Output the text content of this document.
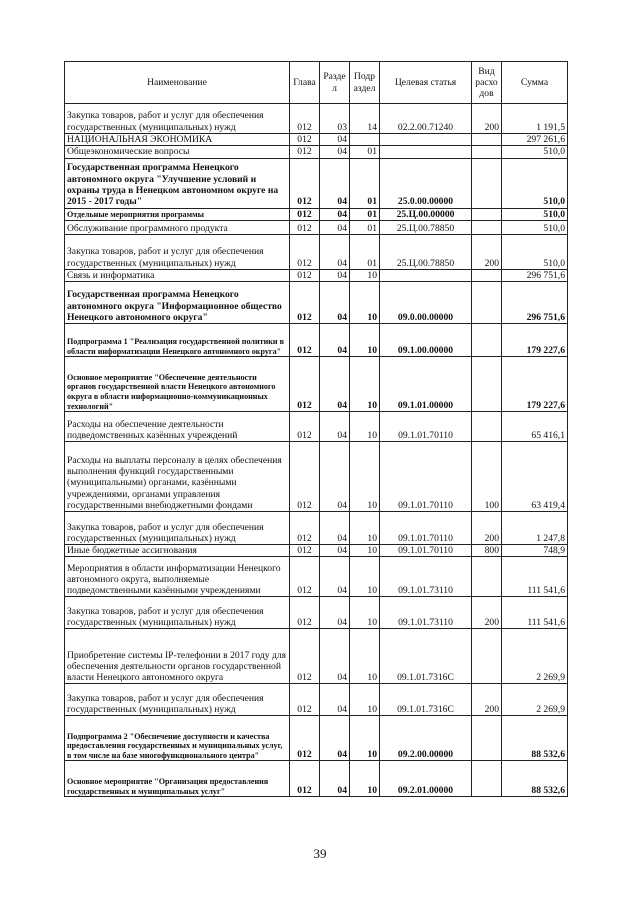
Наименование	Глава	Разде л	Подр аздел	Целевая статья	Вид расхо дов	Сумма
Закупка товаров, работ и услуг для обеспечения государственных (муниципальных) нужд	012	03	14	02.2.00.71240	200	1 191,5
НАЦИОНАЛЬНАЯ ЭКОНОМИКА	012	04				297 261,6
Общеэкономические вопросы	012	04	01			510,0
Государственная программа Ненецкого автономного округа "Улучшение условий и охраны труда в Ненецком автономном округе на 2015 - 2017 годы"	012	04	01	25.0.00.00000		510,0
Отдельные мероприятия программы	012	04	01	25.Ц.00.00000		510,0
Обслуживание программного продукта	012	04	01	25.Ц.00.78850		510,0
Закупка товаров, работ и услуг для обеспечения государственных (муниципальных) нужд	012	04	01	25.Ц.00.78850	200	510,0
Связь и информатика	012	04	10			296 751,6
Государственная программа Ненецкого автономного округа "Информационное общество Ненецкого автономного округа"	012	04	10	09.0.00.00000		296 751,6
Подпрограмма 1 "Реализация государственной политики в области информатизации Ненецкого автономного округа"	012	04	10	09.1.00.00000		179 227,6
Основное мероприятие "Обеспечение деятельности органов государственной власти Ненецкого автономного округа в области информационно-коммуникационных технологий"	012	04	10	09.1.01.00000		179 227,6
Расходы на обеспечение деятельности подведомственных казённых учреждений	012	04	10	09.1.01.70110		65 416,1
Расходы на выплаты персоналу в целях обеспечения выполнения функций государственными (муниципальными) органами, казёнными учреждениями, органами управления государственными внебюджетными фондами	012	04	10	09.1.01.70110	100	63 419,4
Закупка товаров, работ и услуг для обеспечения государственных (муниципальных) нужд	012	04	10	09.1.01.70110	200	1 247,8
Иные бюджетные ассигнования	012	04	10	09.1.01.70110	800	748,9
Мероприятия в области информатизации Ненецкого автономного округа, выполняемые подведомственными казёнными учреждениями	012	04	10	09.1.01.73110		111 541,6
Закупка товаров, работ и услуг для обеспечения государственных (муниципальных) нужд	012	04	10	09.1.01.73110	200	111 541,6
Приобретение системы IP-телефонии в 2017 году для обеспечения деятельности органов государственной власти Ненецкого автономного округа	012	04	10	09.1.01.7316С		2 269,9
Закупка товаров, работ и услуг для обеспечения государственных (муниципальных) нужд	012	04	10	09.1.01.7316С	200	2 269,9
Подпрограмма 2 "Обеспечение доступности и качества предоставления государственных и муниципальных услуг, в том числе на базе многофункционального центра"	012	04	10	09.2.00.00000		88 532,6
Основное мероприятие "Организация предоставления государственных и муниципальных услуг"	012	04	10	09.2.01.00000		88 532,6
39
